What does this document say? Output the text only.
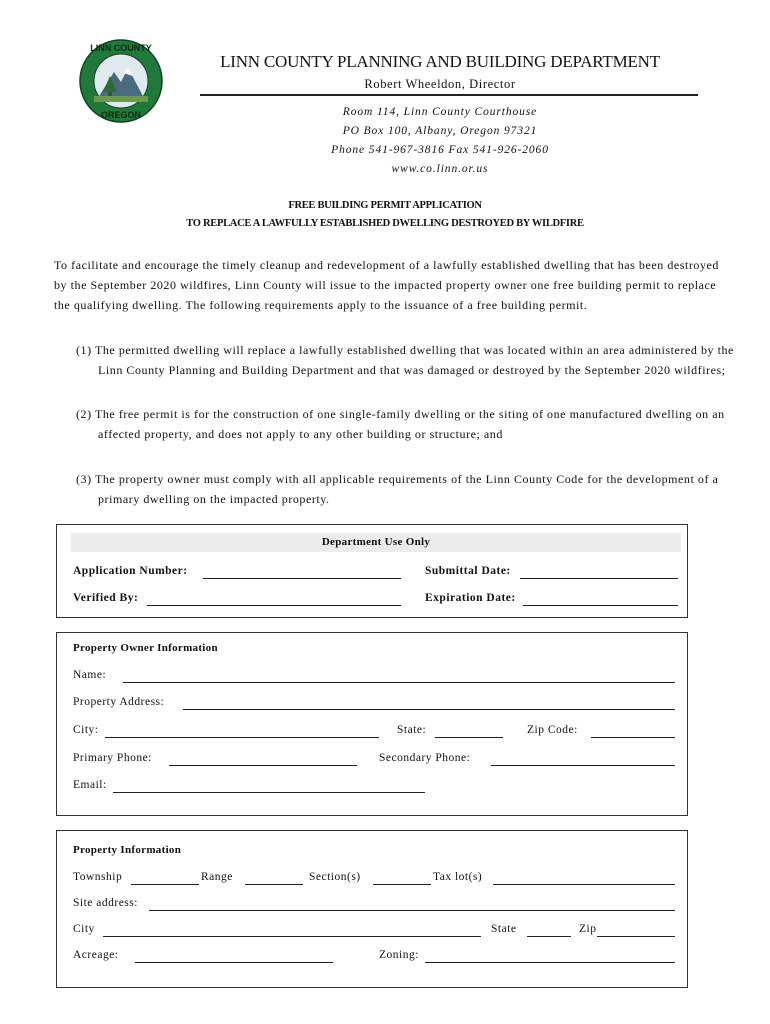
LINN COUNTY
OREGON
LINN COUNTY PLANNING AND BUILDING DEPARTMENT
Robert Wheeldon, Director
Room 114, Linn County Courthouse
PO Box 100, Albany, Oregon 97321
Phone 541-967-3816 Fax 541-926-2060
www.co.linn.or.us
FREE BUILDING PERMIT APPLICATION
TO REPLACE A LAWFULLY ESTABLISHED DWELLING DESTROYED BY WILDFIRE
To facilitate and encourage the timely cleanup and redevelopment of a lawfully established dwelling that has been destroyed by the September 2020 wildfires, Linn County will issue to the impacted property owner one free building permit to replace the qualifying dwelling. The following requirements apply to the issuance of a free building permit.
(1) The permitted dwelling will replace a lawfully established dwelling that was located within an area administered by the Linn County Planning and Building Department and that was damaged or destroyed by the September 2020 wildfires;
(2) The free permit is for the construction of one single-family dwelling or the siting of one manufactured dwelling on an affected property, and does not apply to any other building or structure; and
(3) The property owner must comply with all applicable requirements of the Linn County Code for the development of a primary dwelling on the impacted property.
Department Use Only
Application Number:	Submittal Date:
Verified By:	Expiration Date:
Property Owner Information
Name:
Property Address:
City:	State:	Zip Code:
Primary Phone:	Secondary Phone:
Email:
Property Information
Township	Range	Section(s)	Tax lot(s)
Site address:
City	State	Zip
Acreage:	Zoning:
